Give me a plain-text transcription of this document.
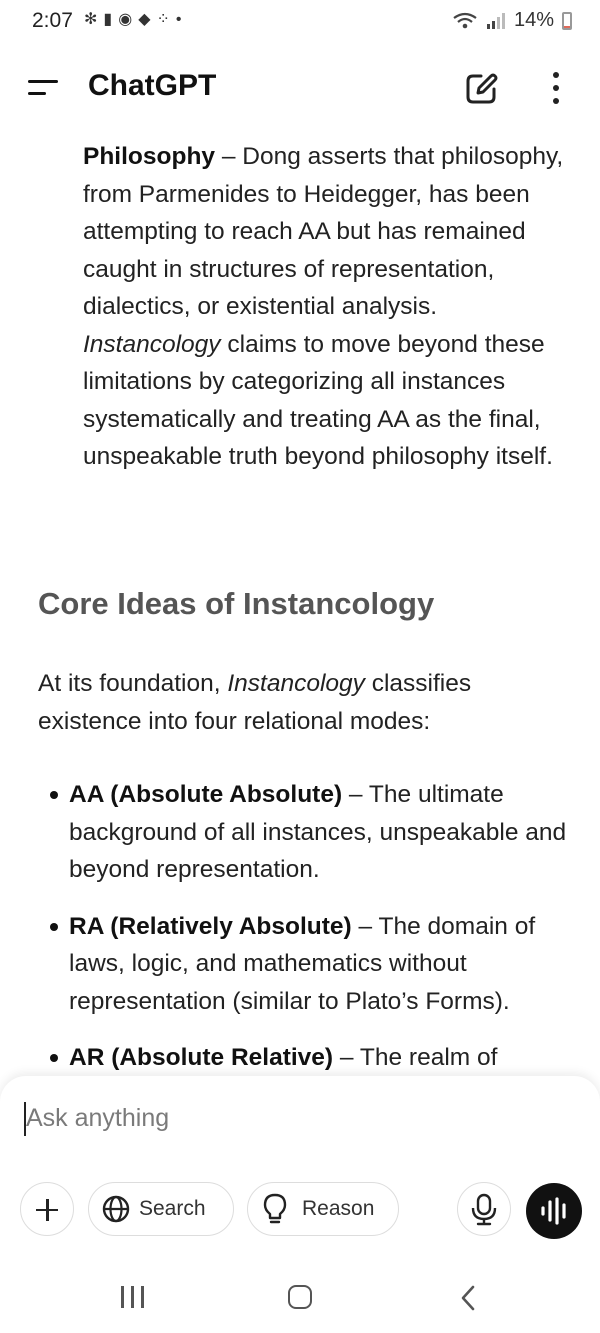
2:07 ✻ ▮ ◉ ◆ ⁘ •	14%
ChatGPT
Philosophy – Dong asserts that philosophy, from Parmenides to Heidegger, has been attempting to reach AA but has remained caught in structures of representation, dialectics, or existential analysis. Instancology claims to move beyond these limitations by categorizing all instances systematically and treating AA as the final, unspeakable truth beyond philosophy itself.
Core Ideas of Instancology
At its foundation, Instancology classifies existence into four relational modes:
AA (Absolute Absolute) – The ultimate background of all instances, unspeakable and beyond representation.
RA (Relatively Absolute) – The domain of laws, logic, and mathematics without representation (similar to Plato’s Forms).
AR (Absolute Relative) – The realm of
Ask anything
Search	Reason
